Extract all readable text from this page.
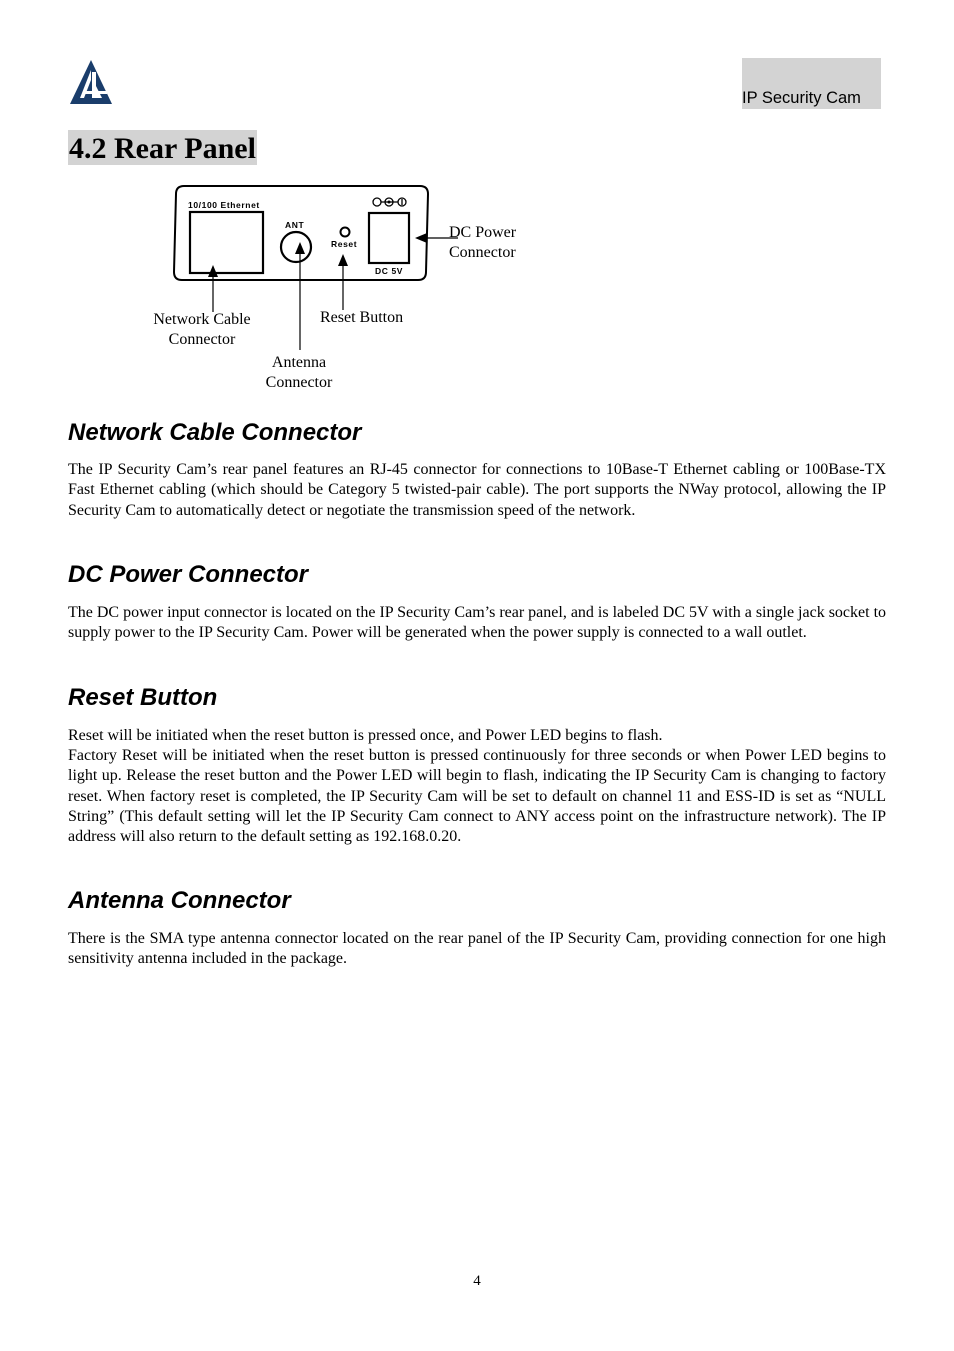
IP Security Cam
4.2 Rear Panel
10/100 Ethernet
ANT
Reset
DC 5V
DC Power
Connector
Network Cable
Connector
Reset Button
Antenna
Connector
Network Cable Connector

The IP Security Cam’s rear panel features an RJ-45 connector for connections to 10Base-T Ethernet cabling or 100Base-TX Fast Ethernet cabling (which should be Category 5 twisted-pair cable). The port supports the NWay protocol, allowing the IP Security Cam to automatically detect or negotiate the transmission speed of the network.

DC Power Connector

The DC power input connector is located on the IP Security Cam’s rear panel, and is labeled DC 5V with a single jack socket to supply power to the IP Security Cam. Power will be generated when the power supply is connected to a wall outlet.

Reset Button

Reset will be initiated when the reset button is pressed once, and Power LED begins to flash.

Factory Reset will be initiated when the reset button is pressed continuously for three seconds or when Power LED begins to light up. Release the reset button and the Power LED will begin to flash, indicating the IP Security Cam is changing to factory reset. When factory reset is completed, the IP Security Cam will be set to default on channel 11 and ESS-ID is set as “NULL String” (This default setting will let the IP Security Cam connect to ANY access point on the infrastructure network). The IP address will also return to the default setting as 192.168.0.20.

Antenna Connector

There is the SMA type antenna connector located on the rear panel of the IP Security Cam, providing connection for one high sensitivity antenna included in the package.

4
